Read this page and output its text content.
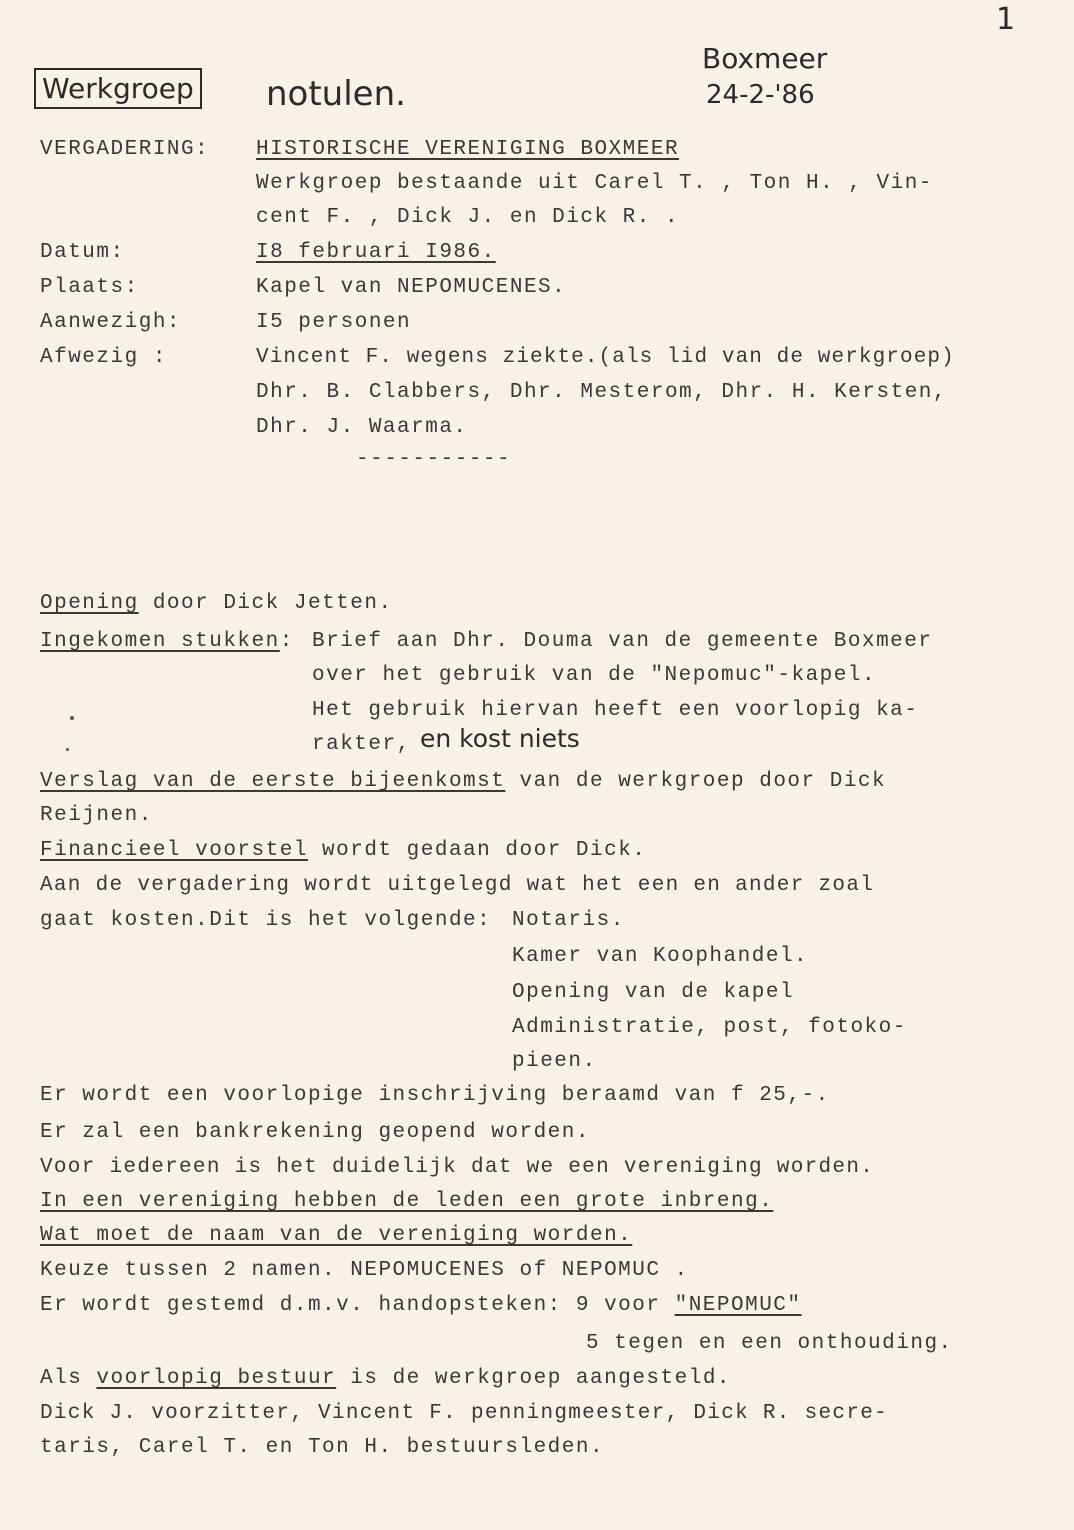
1
Werkgroep notulen.
Boxmeer
24-2-'86
VERGADERING: HISTORISCHE VERENIGING BOXMEER
Werkgroep bestaande uit Carel T. , Ton H. , Vin-
cent F. , Dick J. en Dick R. .
Datum:	I8 februari I986.
Plaats:	Kapel van NEPOMUCENES.
Aanwezigh:	I5 personen
Afwezig :	Vincent F. wegens ziekte.(als lid van de werkgroep)
Dhr. B. Clabbers, Dhr. Mesterom, Dhr. H. Kersten,
Dhr. J. Waarma.
-----------
Opening door Dick Jetten.
Ingekomen stukken: Brief aan Dhr. Douma van de gemeente Boxmeer
over het gebruik van de "Nepomuc"-kapel.
Het gebruik hiervan heeft een voorlopig ka-
rakter, en kost niets
Verslag van de eerste bijeenkomst van de werkgroep door Dick
Reijnen.
Financieel voorstel wordt gedaan door Dick.
Aan de vergadering wordt uitgelegd wat het een en ander zoal
gaat kosten.Dit is het volgende: Notaris.
Kamer van Koophandel.
Opening van de kapel
Administratie, post, fotoko-
pieen.
Er wordt een voorlopige inschrijving beraamd van f 25,-.
Er zal een bankrekening geopend worden.
Voor iedereen is het duidelijk dat we een vereniging worden.
In een vereniging hebben de leden een grote inbreng.
Wat moet de naam van de vereniging worden.
Keuze tussen 2 namen. NEPOMUCENES of NEPOMUC .
Er wordt gestemd d.m.v. handopsteken: 9 voor "NEPOMUC"
5 tegen en een onthouding.
Als voorlopig bestuur is de werkgroep aangesteld.
Dick J. voorzitter, Vincent F. penningmeester, Dick R. secre-
taris, Carel T. en Ton H. bestuursleden.
